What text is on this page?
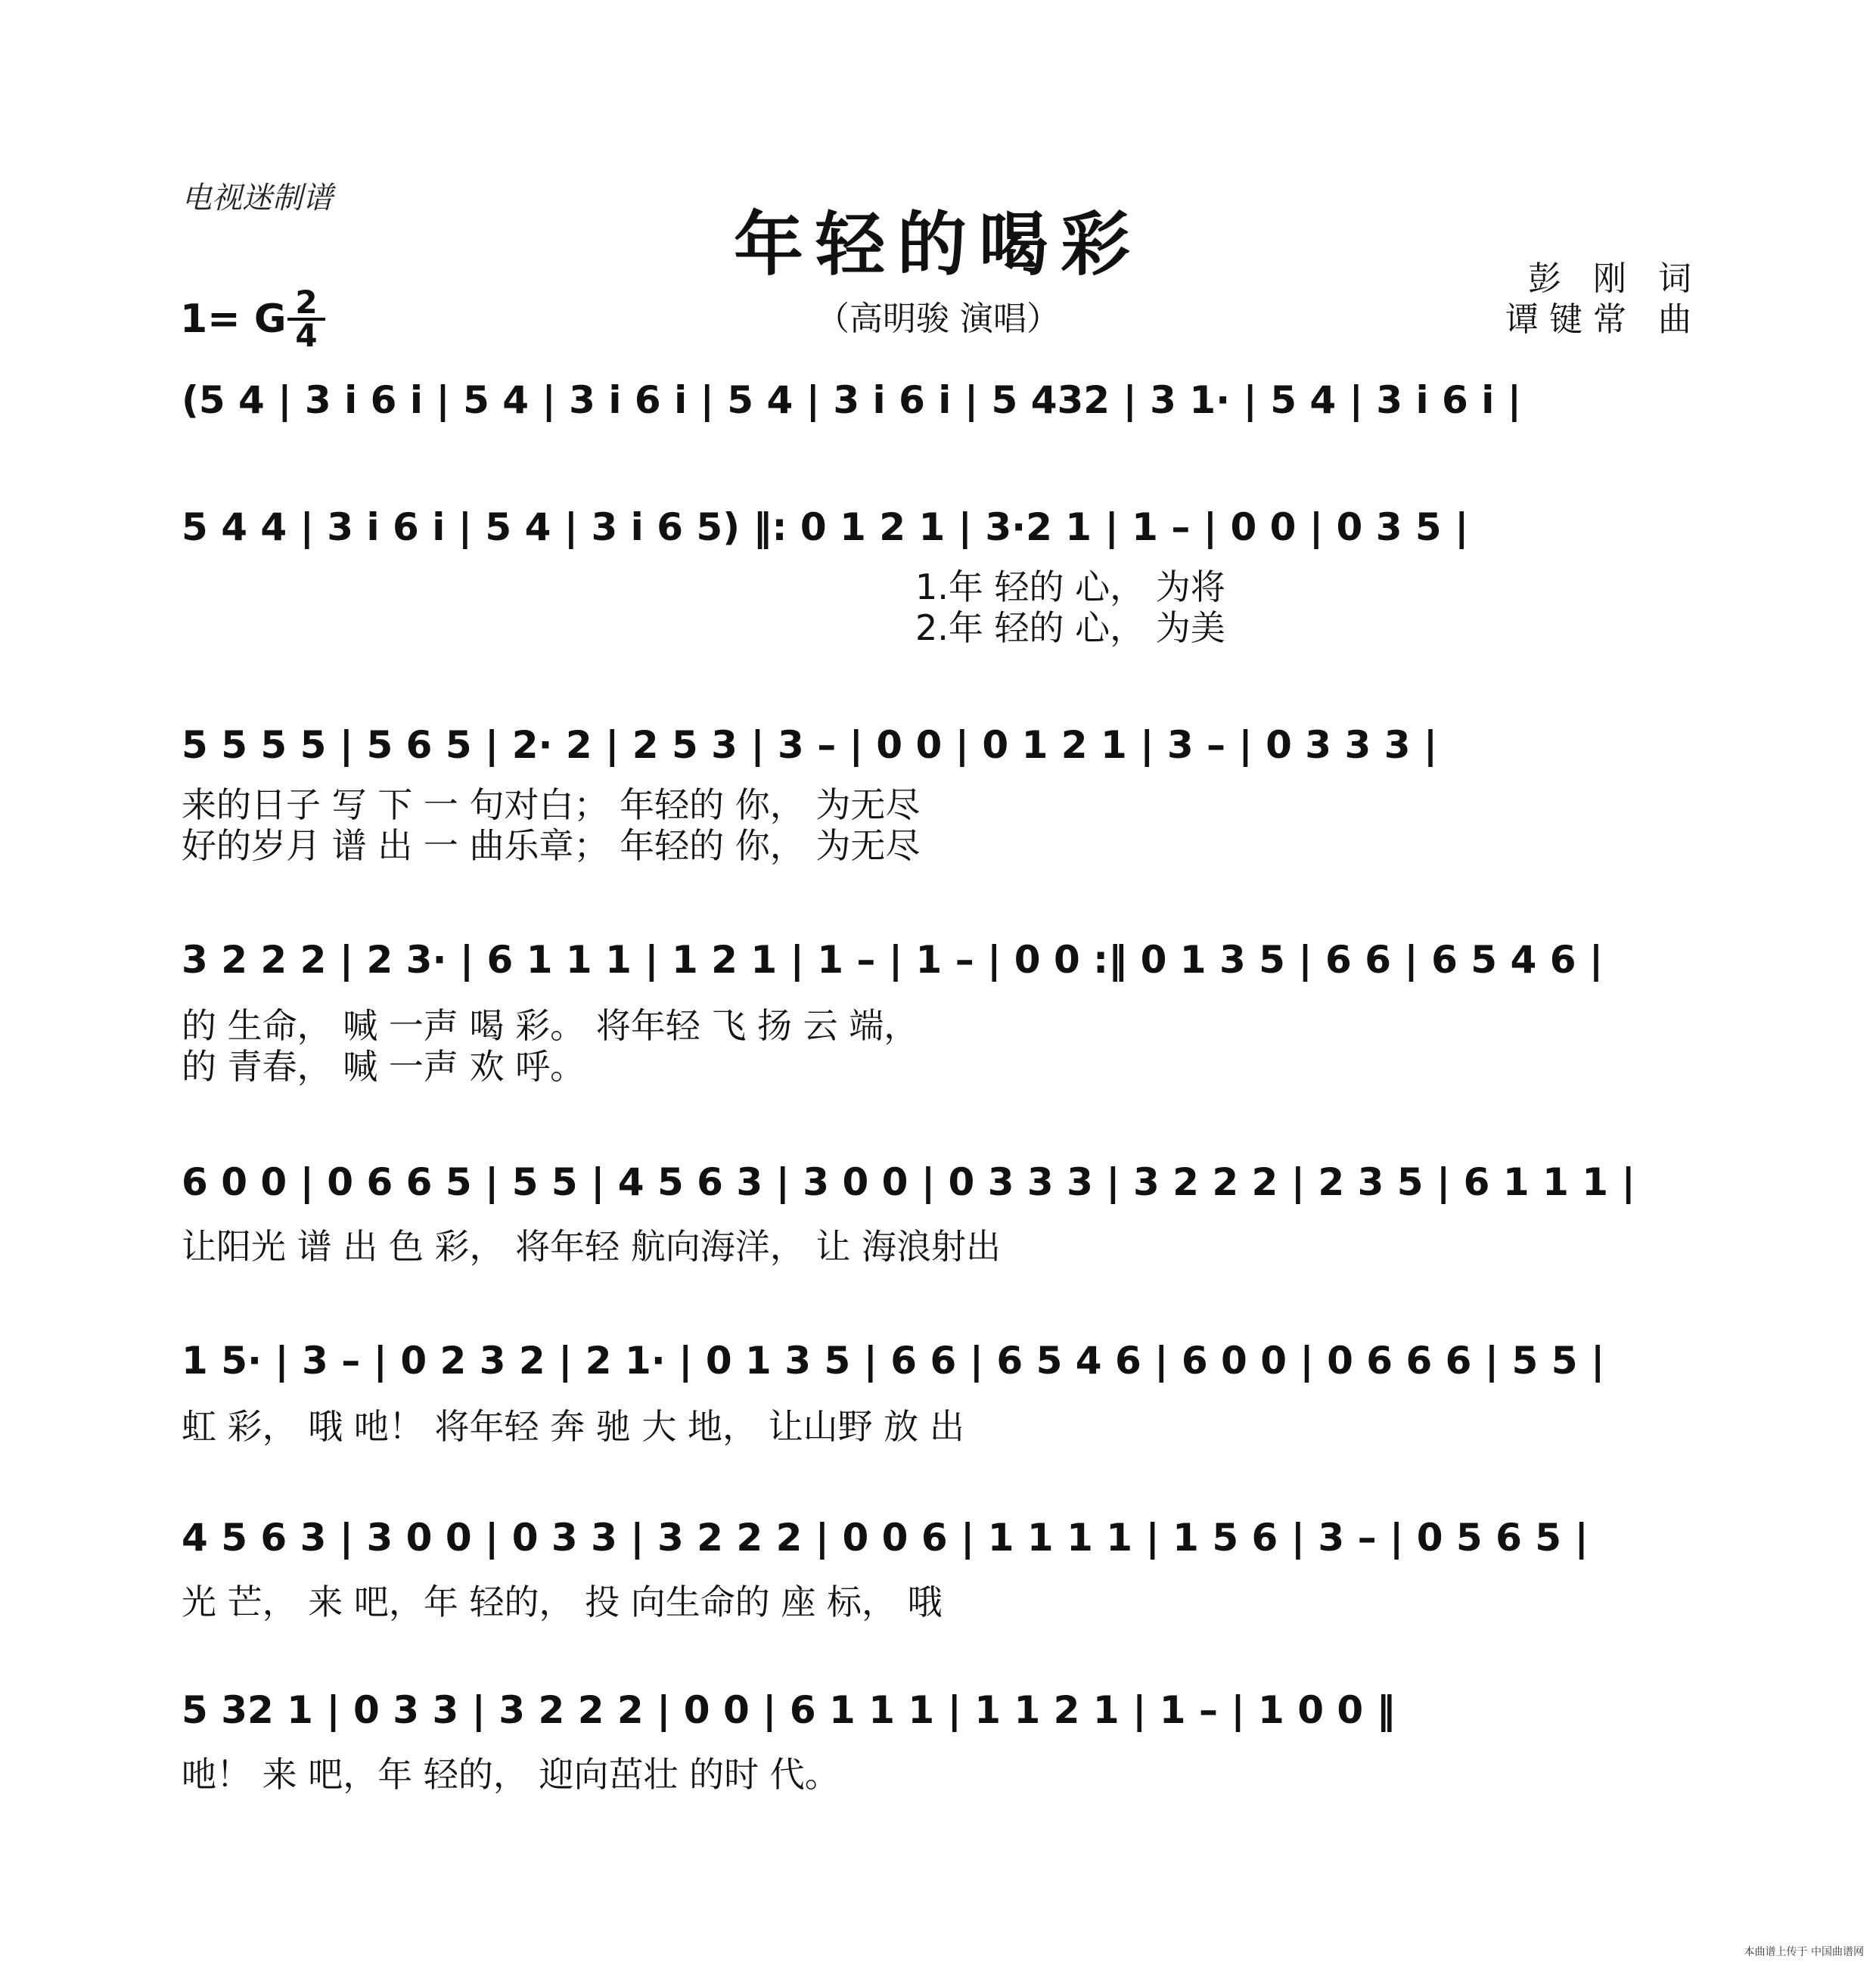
电视迷制谱
年轻的喝彩
（高明骏 演唱）
彭 刚 词
谭键常 曲
1= G $\frac{2}{4}$
(5 4 | 3 i 6 i | 5 4 | 3 i 6 i | 5 4 | 3 i 6 i | 5 432 | 3 1· | 5 4 | 3 i 6 i |
5 4 4 | 3 i 6 i | 5 4 | 3 i 6 5) ‖: 0 1 2 1 | 3·2 1 | 1 – | 0 0 | 0 3 5 |
1.年 轻的 心， 为将
2.年 轻的 心， 为美
5 5 5 5 | 5 6 5 | 2· 2 | 2 5 3 | 3 – | 0 0 | 0 1 2 1 | 3 – | 0 3 3 3 |
来的日子 写 下 一 句对白； 年轻的 你， 为无尽
好的岁月 谱 出 一 曲乐章； 年轻的 你， 为无尽
3 2 2 2 | 2 3· | 6 1 1 1 | 1 2 1 | 1 – | 1 – | 0 0 :‖ 0 1 3 5 | 6 6 | 6 5 4 6 |
的 生命， 喊 一声 喝 彩。 将年轻 飞 扬 云 端，
的 青春， 喊 一声 欢 呼。
6 0 0 | 0 6 6 5 | 5 5 | 4 5 6 3 | 3 0 0 | 0 3 3 3 | 3 2 2 2 | 2 3 5 | 6 1 1 1 |
让阳光 谱 出 色 彩， 将年轻 航向海洋， 让 海浪射出
1 5· | 3 – | 0 2 3 2 | 2 1· | 0 1 3 5 | 6 6 | 6 5 4 6 | 6 0 0 | 0 6 6 6 | 5 5 |
虹 彩， 哦 吔！ 将年轻 奔 驰 大 地， 让山野 放 出
4 5 6 3 | 3 0 0 | 0 3 3 | 3 2 2 2 | 0 0 6 | 1 1 1 1 | 1 5 6 | 3 – | 0 5 6 5 |
光 芒， 来 吧，年 轻的， 投 向生命的 座 标， 哦
5 32 1 | 0 3 3 | 3 2 2 2 | 0 0 | 6 1 1 1 | 1 1 2 1 | 1 – | 1 0 0 ‖
吔！ 来 吧，年 轻的， 迎向茁壮 的时 代。
本曲谱上传于 中国曲谱网
